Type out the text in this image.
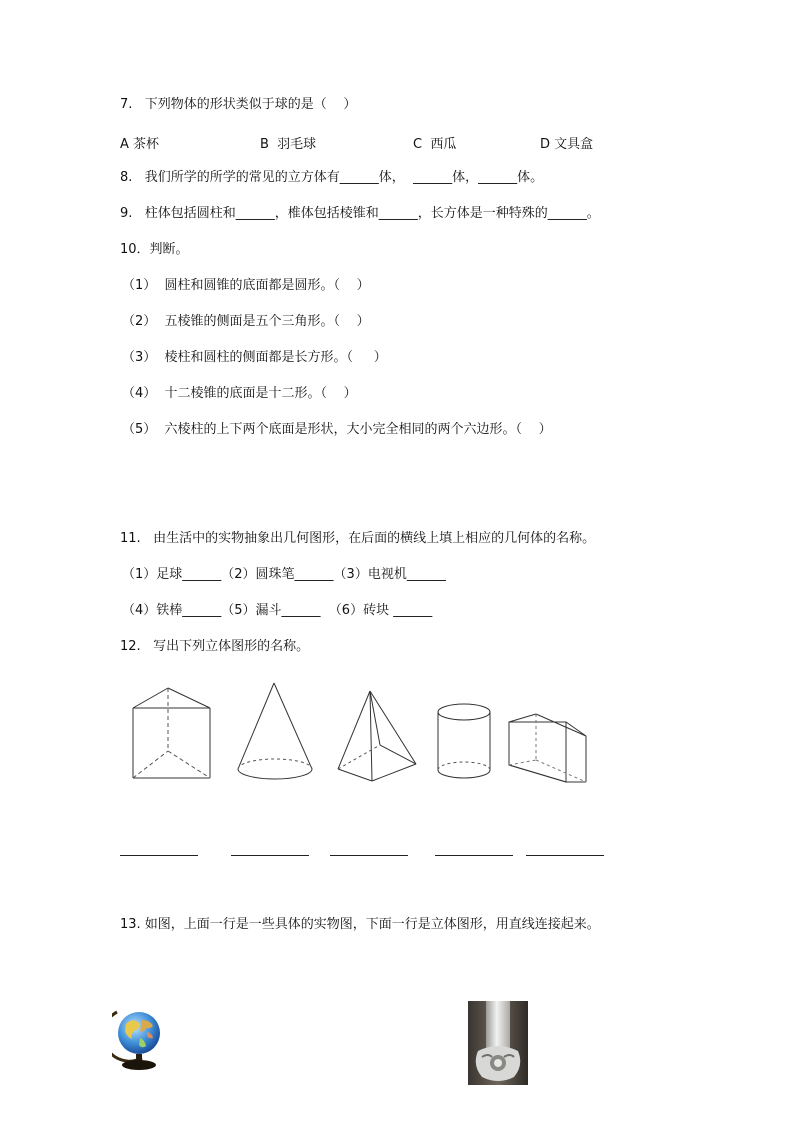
7.   下列物体的形状类似于球的是（    ）
A 茶杯	B  羽毛球	C  西瓜	D 文具盒
8.   我们所学的所学的常见的立方体有______体，  ______体，______体。
9.   柱体包括圆柱和______，椎体包括棱锥和______，长方体是一种特殊的______。
10．判断。
（1）  圆柱和圆锥的底面都是圆形。（    ）
（2）  五棱锥的侧面是五个三角形。（    ）
（3）  棱柱和圆柱的侧面都是长方形。（     ）
（4）  十二棱锥的底面是十二形。（    ）
（5）  六棱柱的上下两个底面是形状，大小完全相同的两个六边形。（    ）
11.   由生活中的实物抽象出几何图形，在后面的横线上填上相应的几何体的名称。
（1）足球______（2）圆珠笔______（3）电视机______
（4）铁棒______（5）漏斗______  （6）砖块 ______
12.   写出下列立体图形的名称。
13. 如图，上面一行是一些具体的实物图，下面一行是立体图形，用直线连接起来。
